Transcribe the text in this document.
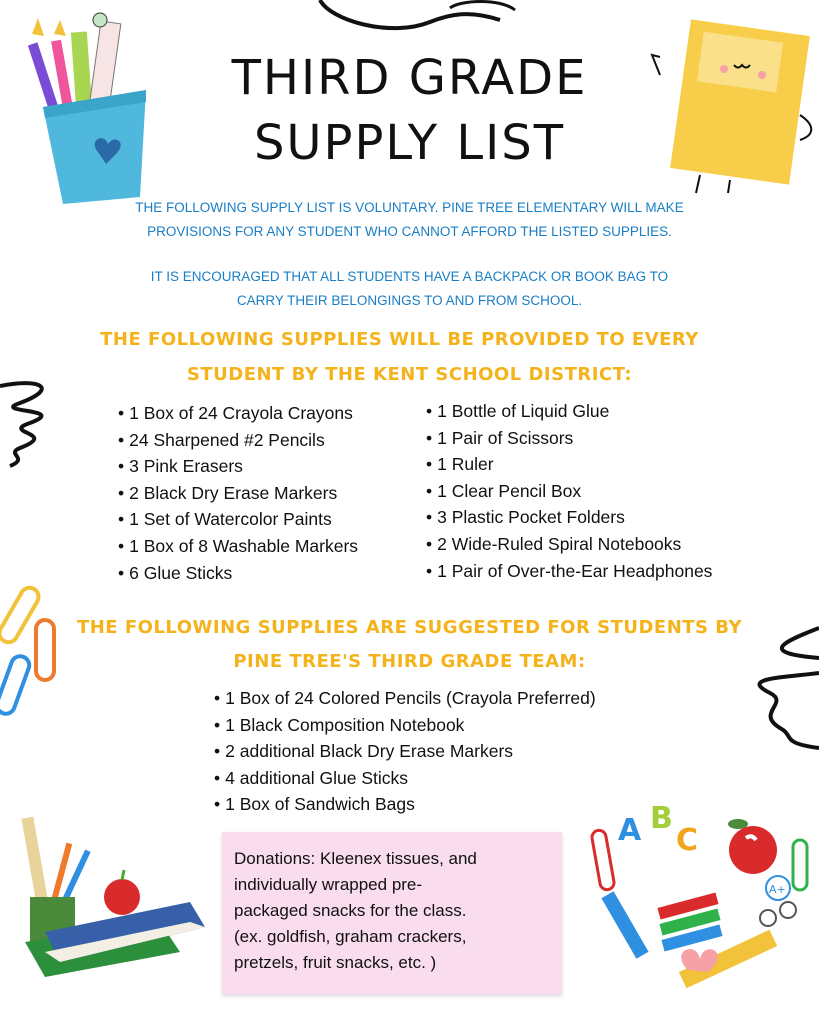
THIRD GRADE
SUPPLY LIST
THE FOLLOWING SUPPLY LIST IS VOLUNTARY. PINE TREE ELEMENTARY WILL MAKE
PROVISIONS FOR ANY STUDENT WHO CANNOT AFFORD THE LISTED SUPPLIES.
IT IS ENCOURAGED THAT ALL STUDENTS HAVE A BACKPACK OR BOOK BAG TO
CARRY THEIR BELONGINGS TO AND FROM SCHOOL.
THE FOLLOWING SUPPLIES WILL BE PROVIDED TO EVERY
STUDENT BY THE KENT SCHOOL DISTRICT:
• 1 Box of 24 Crayola Crayons
• 24 Sharpened #2 Pencils
• 3 Pink Erasers
• 2 Black Dry Erase Markers
• 1 Set of Watercolor Paints
• 1 Box of 8 Washable Markers
• 6 Glue Sticks
• 1 Bottle of Liquid Glue
• 1 Pair of Scissors
• 1 Ruler
• 1 Clear Pencil Box
• 3 Plastic Pocket Folders
• 2 Wide-Ruled Spiral Notebooks
• 1 Pair of Over-the-Ear Headphones
THE FOLLOWING SUPPLIES ARE SUGGESTED FOR STUDENTS BY
PINE TREE'S THIRD GRADE TEAM:
• 1 Box of 24 Colored Pencils (Crayola Preferred)
• 1 Black Composition Notebook
• 2 additional Black Dry Erase Markers
• 4 additional Glue Sticks
• 1 Box of Sandwich Bags

Donations: Kleenex tissues, and
individually wrapped pre-
packaged snacks for the class.
(ex. goldfish, graham crackers,
pretzels, fruit snacks, etc. )

A B
C
A+
